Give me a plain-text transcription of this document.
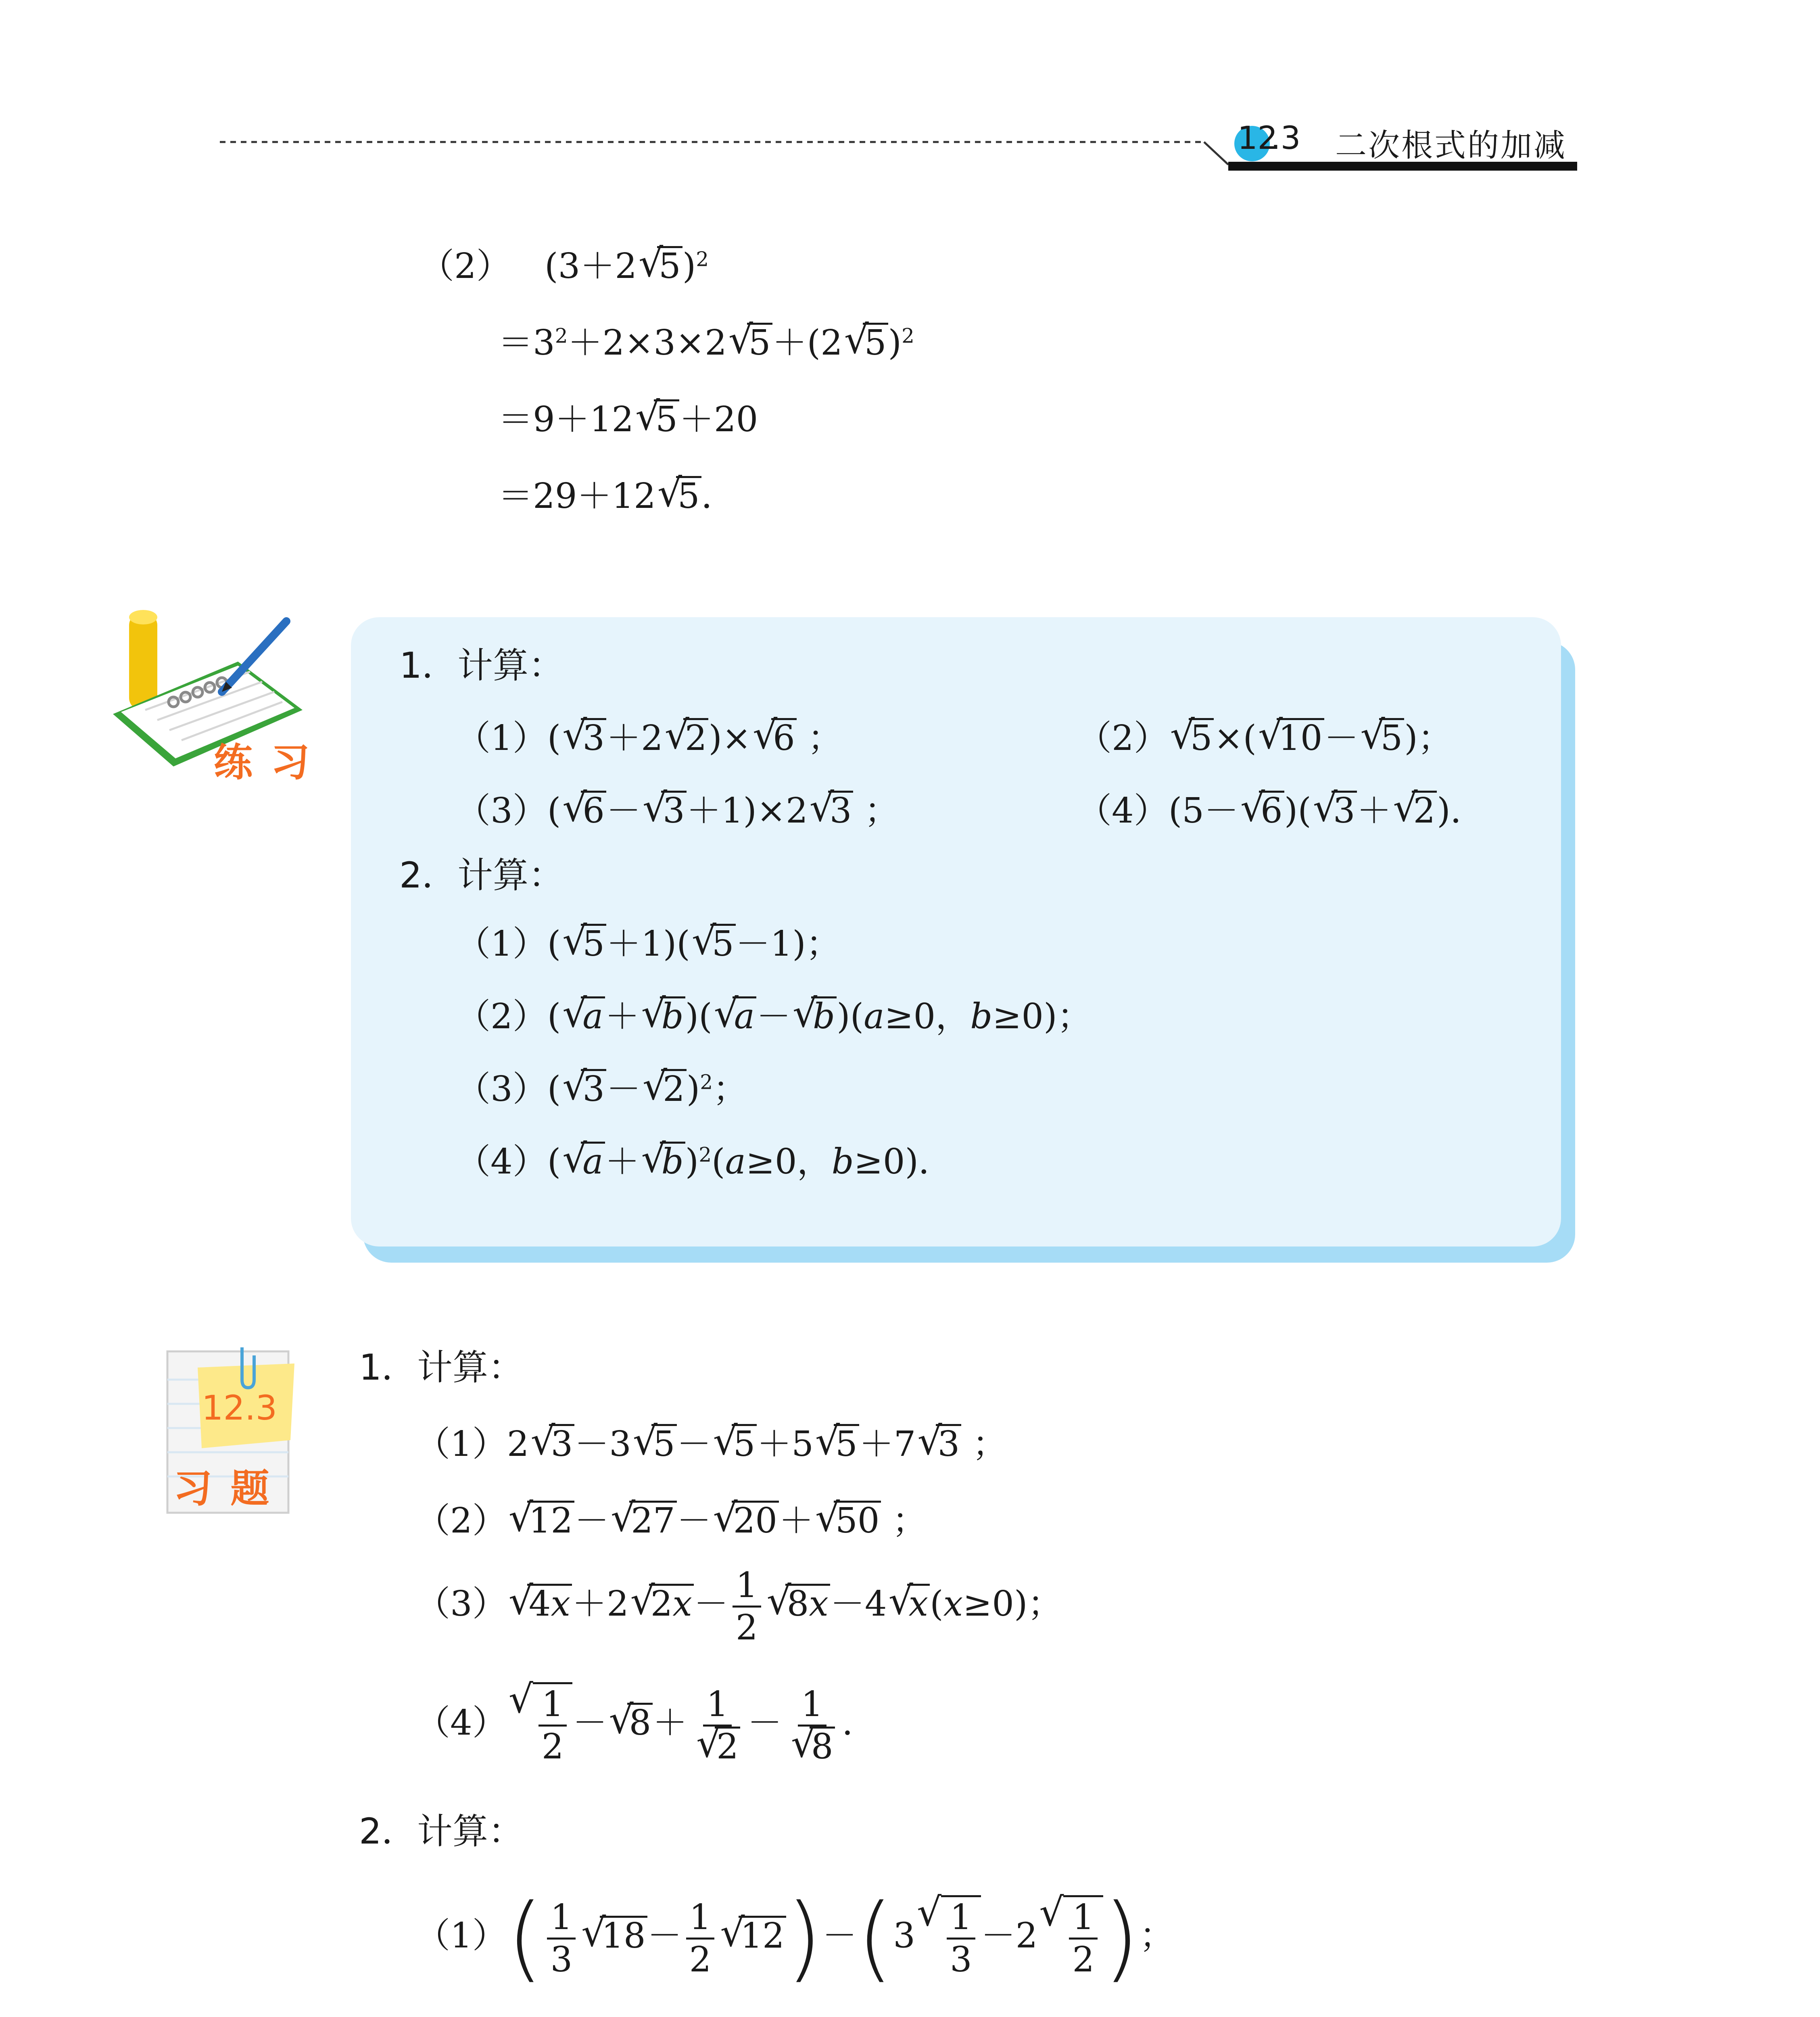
12
.3 二次根式的加减
（2） (3＋2√ 5)$^2$
$=3^2+2\times 3\times 2√$ 5＋(2√ 5)$^2$
＝9＋12√ 5＋20
＝29＋12√ 5．
练 习
1．计算：
（1）(√ 3＋2√ 2)×√ 6 ；	（2）√ 5×(√ 10－√ 5)；
（3）(√ 6－√ 3＋1)×2√ 3 ；	（4）(5－√ 6)(√ 3＋√ 2)．
2．计算：
（1）(√ 5＋1)(√ 5－1)；
（2）(√ a＋√ b)(√ a－√ b)(a≥0，b≥0)；
（3）(√ 3－√ 2)$^2$；
（4）(√ a＋√ b)$^2$(a≥0，b≥0)．
12.3
习 题
1．计算：
（1）2√ 3－3√ 5－√ 5＋5√ 5＋7√ 3 ；
（2）√ 12－√ 27－√ 20＋√ 50 ；
（3）√ 4x＋2√ $2x- \frac{1}{2}$
√ 8x－4√ x(x≥0)；
（4）
√ $\frac{1}{2}$ －√ 8＋ 1
√ 2 － 1
√ 8 ．
2．计算：
$(1)( \frac{1}{3}$
√ $18- \frac{1}{2}$
√ 12)－(3
√ $\frac{1}{3} -2$
√ $\frac{1}{2}$ )；
